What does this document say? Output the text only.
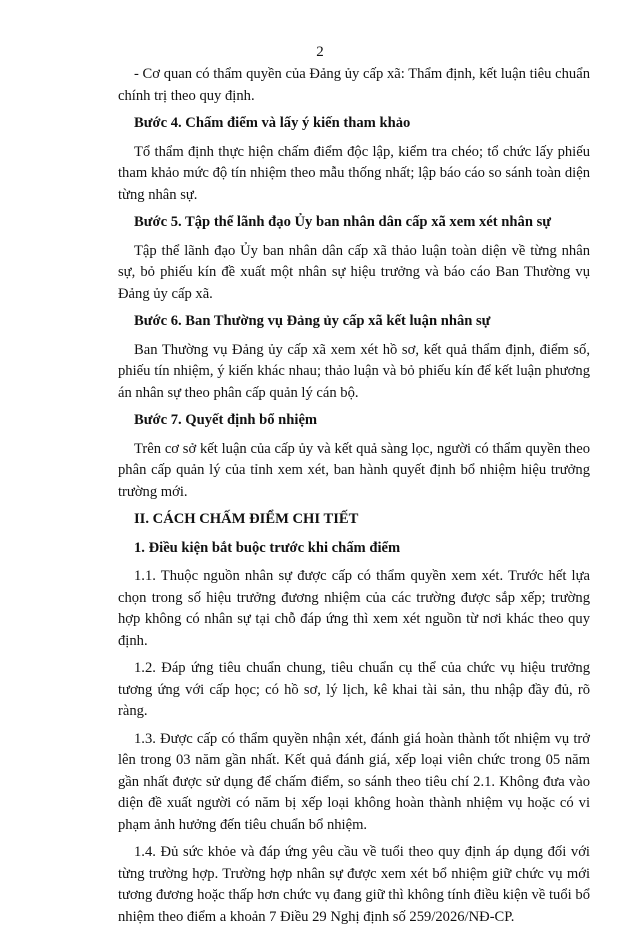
2

- Cơ quan có thẩm quyền của Đảng ủy cấp xã: Thẩm định, kết luận tiêu chuẩn chính trị theo quy định.

Bước 4. Chấm điểm và lấy ý kiến tham khảo

Tổ thẩm định thực hiện chấm điểm độc lập, kiểm tra chéo; tổ chức lấy phiếu tham khảo mức độ tín nhiệm theo mẫu thống nhất; lập báo cáo so sánh toàn diện từng nhân sự.

Bước 5. Tập thể lãnh đạo Ủy ban nhân dân cấp xã xem xét nhân sự

Tập thể lãnh đạo Ủy ban nhân dân cấp xã thảo luận toàn diện về từng nhân sự, bỏ phiếu kín đề xuất một nhân sự hiệu trưởng và báo cáo Ban Thường vụ Đảng ủy cấp xã.

Bước 6. Ban Thường vụ Đảng ủy cấp xã kết luận nhân sự

Ban Thường vụ Đảng ủy cấp xã xem xét hồ sơ, kết quả thẩm định, điểm số, phiếu tín nhiệm, ý kiến khác nhau; thảo luận và bỏ phiếu kín để kết luận phương án nhân sự theo phân cấp quản lý cán bộ.

Bước 7. Quyết định bổ nhiệm

Trên cơ sở kết luận của cấp ủy và kết quả sàng lọc, người có thẩm quyền theo phân cấp quản lý của tỉnh xem xét, ban hành quyết định bổ nhiệm hiệu trưởng trường mới.

II. CÁCH CHẤM ĐIỂM CHI TIẾT

1. Điều kiện bắt buộc trước khi chấm điểm

1.1. Thuộc nguồn nhân sự được cấp có thẩm quyền xem xét. Trước hết lựa chọn trong số hiệu trưởng đương nhiệm của các trường được sắp xếp; trường hợp không có nhân sự tại chỗ đáp ứng thì xem xét nguồn từ nơi khác theo quy định.

1.2. Đáp ứng tiêu chuẩn chung, tiêu chuẩn cụ thể của chức vụ hiệu trưởng tương ứng với cấp học; có hồ sơ, lý lịch, kê khai tài sản, thu nhập đầy đủ, rõ ràng.

1.3. Được cấp có thẩm quyền nhận xét, đánh giá hoàn thành tốt nhiệm vụ trở lên trong 03 năm gần nhất. Kết quả đánh giá, xếp loại viên chức trong 05 năm gần nhất được sử dụng để chấm điểm, so sánh theo tiêu chí 2.1. Không đưa vào diện đề xuất người có năm bị xếp loại không hoàn thành nhiệm vụ hoặc có vi phạm ảnh hưởng đến tiêu chuẩn bổ nhiệm.

1.4. Đủ sức khỏe và đáp ứng yêu cầu về tuổi theo quy định áp dụng đối với từng trường hợp. Trường hợp nhân sự được xem xét bổ nhiệm giữ chức vụ mới tương đương hoặc thấp hơn chức vụ đang giữ thì không tính điều kiện về tuổi bổ nhiệm theo điểm a khoản 7 Điều 29 Nghị định số 259/2026/NĐ-CP.
